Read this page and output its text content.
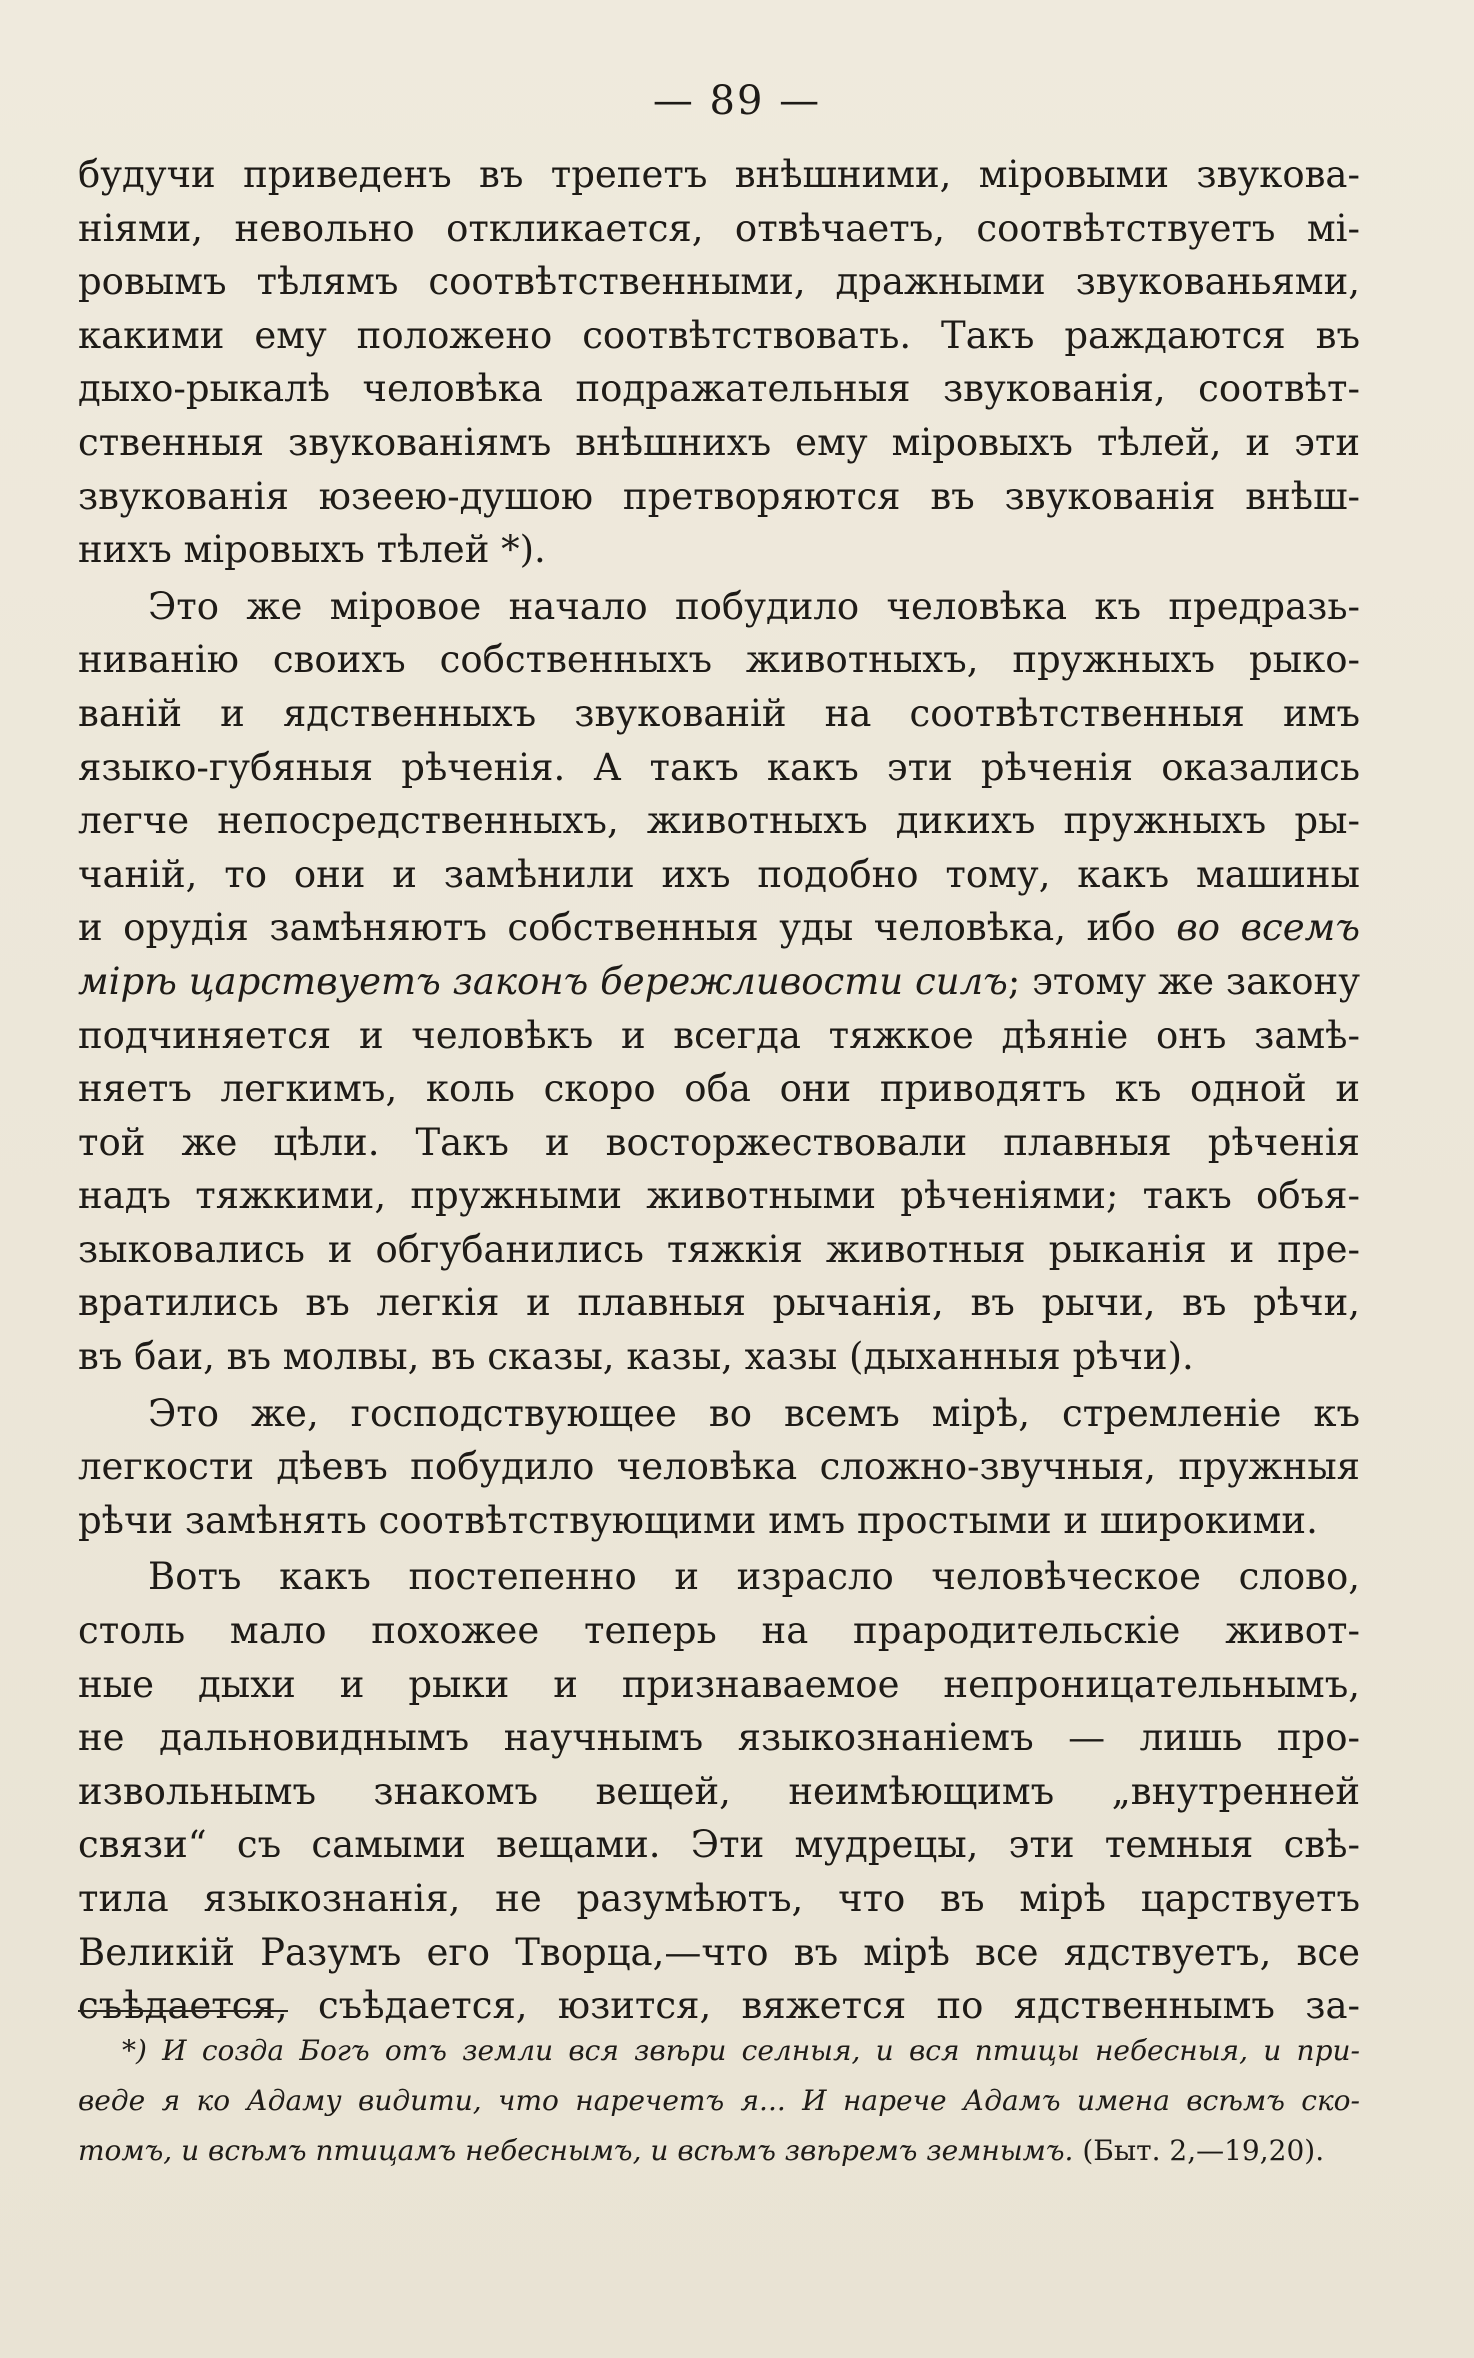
— 89 —
будучи приведенъ въ трепетъ внѣшними, міровыми звукова-
ніями, невольно откликается, отвѣчаетъ, соотвѣтствуетъ мі-
ровымъ тѣлямъ соотвѣтственными, дражными звукованьями,
какими ему положено соотвѣтствовать. Такъ раждаются въ
дыхо-рыкалѣ человѣка подражательныя звукованія, соотвѣт-
ственныя звукованіямъ внѣшнихъ ему міровыхъ тѣлей, и эти
звукованія юзеею-душою претворяются въ звукованія внѣш-
нихъ міровыхъ тѣлей *).
Это же міровое начало побудило человѣка къ предразь-
ниванію своихъ собственныхъ животныхъ, пружныхъ рыко-
ваній и ядственныхъ звукованій на соотвѣтственныя имъ
языко-губяныя рѣченія. А такъ какъ эти рѣченія оказались
легче непосредственныхъ, животныхъ дикихъ пружныхъ ры-
чаній, то они и замѣнили ихъ подобно тому, какъ машины
и орудія замѣняютъ собственныя уды человѣка, ибо во всемъ
мірѣ царствуетъ законъ бережливости силъ; этому же закону
подчиняется и человѣкъ и всегда тяжкое дѣяніе онъ замѣ-
няетъ легкимъ, коль скоро оба они приводятъ къ одной и
той же цѣли. Такъ и восторжествовали плавныя рѣченія
надъ тяжкими, пружными животными рѣченіями; такъ объя-
зыковались и обгубанились тяжкія животныя рыканія и пре-
вратились въ легкія и плавныя рычанія, въ рычи, въ рѣчи,
въ баи, въ молвы, въ сказы, казы, хазы (дыханныя рѣчи).
Это же, господствующее во всемъ мірѣ, стремленіе къ
легкости дѣевъ побудило человѣка сложно-звучныя, пружныя
рѣчи замѣнять соотвѣтствующими имъ простыми и широкими.
Вотъ какъ постепенно и израсло человѣческое слово,
столь мало похожее теперь на прародительскіе живот-
ные дыхи и рыки и признаваемое непроницательнымъ,
не дальновиднымъ научнымъ языкознаніемъ — лишь про-
извольнымъ знакомъ вещей, неимѣющимъ „внутренней
связи“ съ самыми вещами. Эти мудрецы, эти темныя свѣ-
тила языкознанія, не разумѣютъ, что въ мірѣ царствуетъ
Великій Разумъ его Творца,—что въ мірѣ все ядствуетъ, все
съѣдается, съѣдается, юзится, вяжется по ядственнымъ за-
*) И созда Богъ отъ земли вся звѣри селныя, и вся птицы небесныя, и при-
веде я ко Адаму видити, что наречетъ я... И нарече Адамъ имена всѣмъ ско-
томъ, и всѣмъ птицамъ небеснымъ, и всѣмъ звѣремъ земнымъ. (Быт. 2,—19,20).
